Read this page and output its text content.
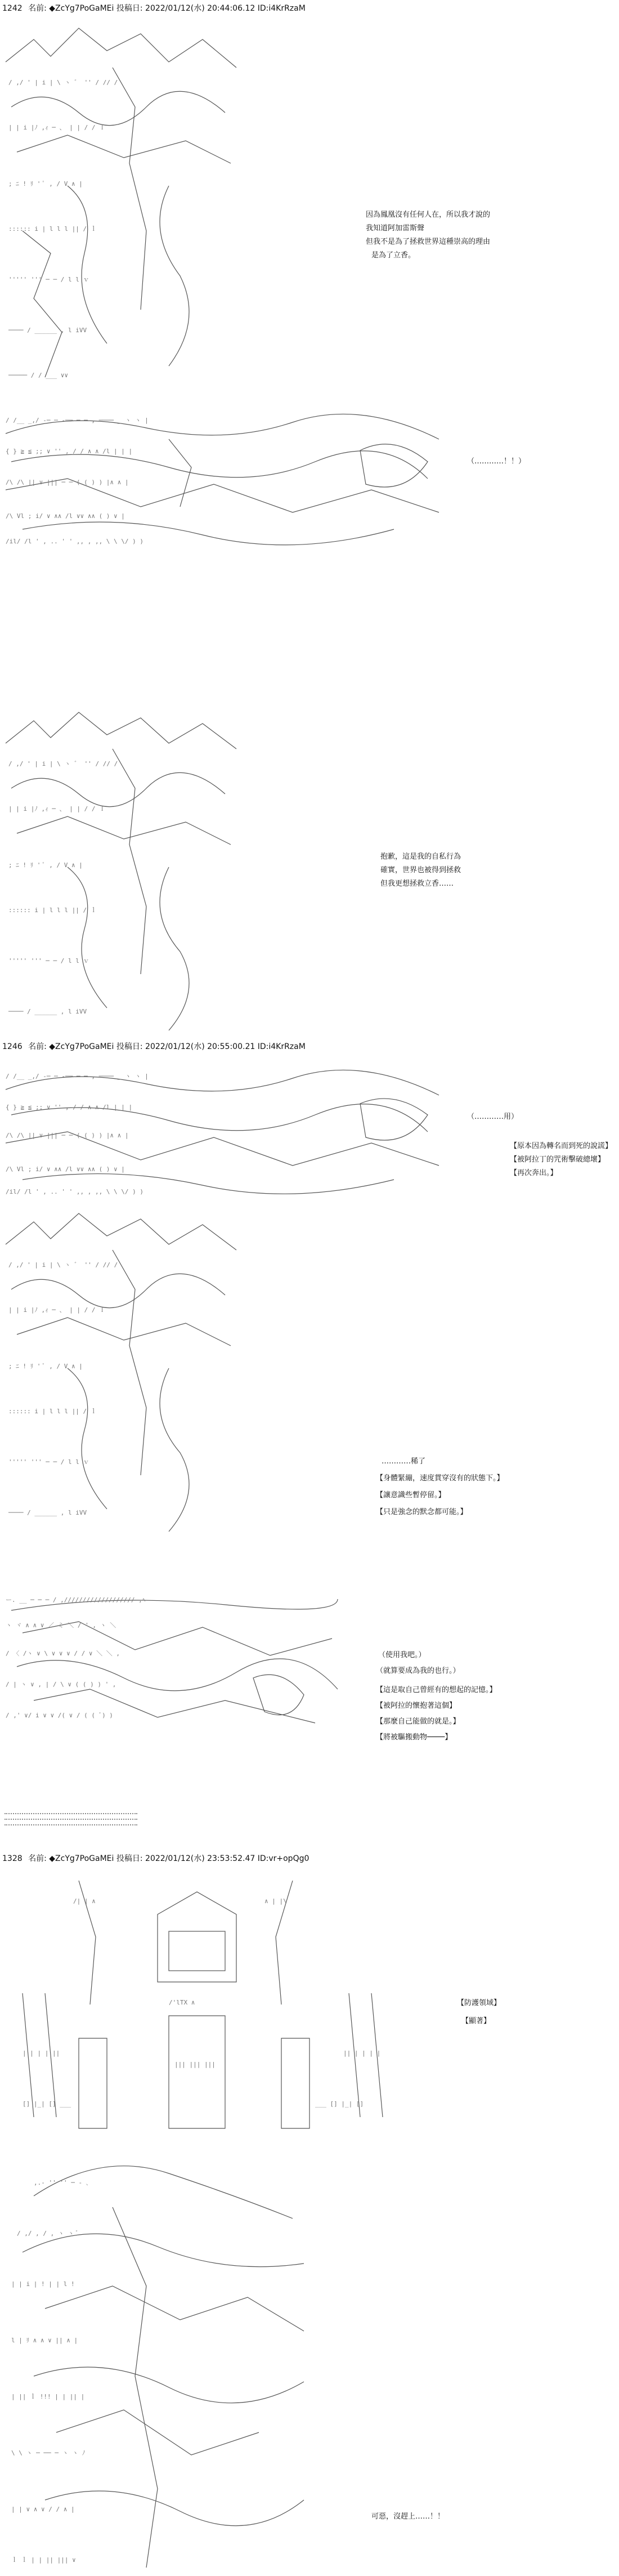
1242 名前: ◆ZcYg7PoGaMEi 投稿日: 2022/01/12(水) 20:44:06.12 ID:i4KrRzaM
/ ,/ ' | i | \ ヽ ゛ '' / // /
| | i |ﾉ ,ｨ ─ 、 | | / / ｌ
; ﾆ ! ﾘ ' ﾟ , / V ∧ |
:::::: i | l l l || / ｌ
''''' ''' ─ ─ / l l ｖ
──── / ______ , l iVV
───── / / ___ ∨∨
因為鳳凰沒有任何人在，所以我才說的
我知道阿加雷斯聲
但我不是為了拯救世界這種崇高的理由
是為了立香。
/ /__ _,/ -─ ─ -──-─ ─-, ──── _ ヽ ヽ |
{ } ≧ ≦ ;; ∨ '' , / / ∧ ∧ /l | | |
/\ /\ || ∨ ||| ─ ─ ( ( ) ) |∧ ∧ |
/\ Vl ; i/ ∨ ∧∧ /l ∨∨ ∧∧ ( ) ∨ |
/il/ /l ' , .. ' ' ,, , ,, \ \ \/ ) )
（…………！！）
/ ,/ ' | i | \ ヽ ゛ '' / // /
| | i |ﾉ ,ｨ ─ 、 | | / / ｌ
; ﾆ ! ﾘ ' ﾟ , / V ∧ |
:::::: i | l l l || / ｌ
''''' ''' ─ ─ / l l ｖ
──── / ______ , l iVV
抱歉，這是我的自私行為
確實，世界也被得到拯救
但我更想拯救立香……
1246 名前: ◆ZcYg7PoGaMEi 投稿日: 2022/01/12(水) 20:55:00.21 ID:i4KrRzaM
/ /__ _,/ -─ ─ -──-─ ─-, ──── _ ヽ ヽ |
{ } ≧ ≦ ;; ∨ '' , / / ∧ ∧ /l | | |
/\ /\ || ∨ ||| ─ ─ ( ( ) ) |∧ ∧ |
/\ Vl ; i/ ∨ ∧∧ /l ∨∨ ∧∧ ( ) ∨ |
/il/ /l ' , .. ' ' ,, , ,, \ \ \/ ) )
（…………用）
【原本因為轉名而到死的說謊】
【被阿拉丁的咒術擊破總壞】
【再次奔出。】
/ ,/ ' | i | \ ヽ ゛ '' / // /
| | i |ﾉ ,ｨ ─ 、 | | / / ｌ
; ﾆ ! ﾘ ' ﾟ , / V ∧ |
:::::: i | l l l || / ｌ
''''' ''' ─ ─ / l l ｖ
──── / ______ , l iVV
…………稀了
【身體緊繃，速度貫穿沒有的狀態下。】
【讓意識些暫停留。】
【只是強念的默念都可能。】
ー. __ ─ ─ ─ / ,/////////////////// ,ﾍ
ヽ ヾ ∧ ∧ ∨ ／ ミ ＼ / ' , ヽ ＼
/ 〈 /ヽ ∨ \ ∨ ∨ ∨ / / ∨ ＼ ＼ ,
/ | ヽ ∨ , | / \ ∨ ( ( ) ) ' ,
/ ,' ∨/ i ∨ ∨ /( ∨ / ( ( ﾞ) )
（使用我吧。）
（就算要成為我的也行。）
【這是取自己曾經有的想起的記憶。】
【被阿拉的懷抱著這個】
【那麼自己能做的就是。】
【將被驅搬動物────】
1328 名前: ◆ZcYg7PoGaMEi 投稿日: 2022/01/12(水) 23:53:52.47 ID:vr+opQg0
/| | ∧	∧ | |\
/'lTX ∧
| | | | ||	|| | | | |
||| ||| |||
[] |_| [] ___	___ [] |_| []
【防護領域】
【顯著】
,.- '' '' ─ ‐ ､
/ ,/ , / , ヽ ヽ ﾞ
| | i | ! | | l !
l | ﾘ ∧ ∧ ∨ || ∧ |
| || ｌ !!! | | || |
\ \ ヽ ─ ── ─ ヽ ヽ ﾉ
| | ∨ ∧ ∨ / / ∧ |
ｌ ｌ | | || ||| ∨
可惡，沒趕上……！！
